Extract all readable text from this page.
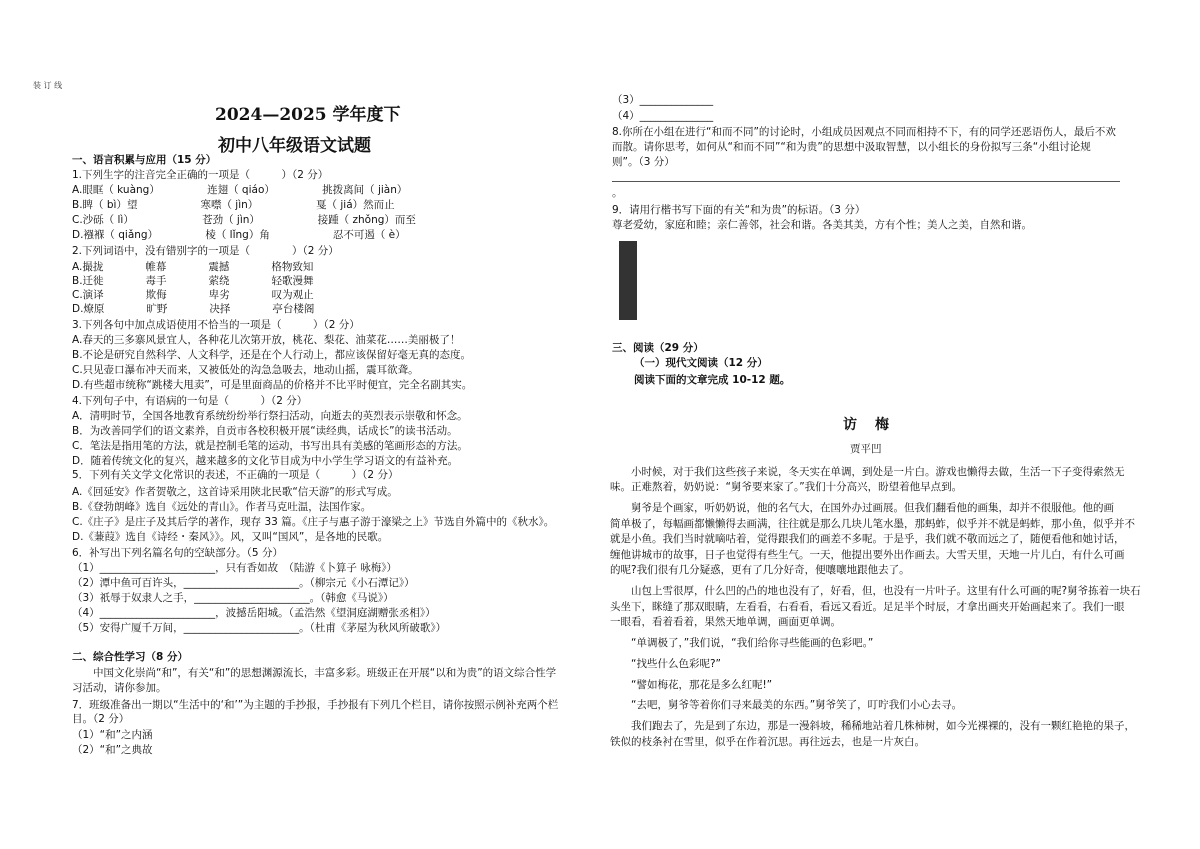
装 订 线
2024—2025 学年度下
初中八年级语文试题
一、语言积累与应用（15 分）
1.下列生字的注音完全正确的一项是（　　　）（2 分）
A.眼眶（ kuàng）　　　　　连翅（ qiáo）　　　　　挑拨离间（ jiàn）
B.睥（ bì）望　　　　　　寒噤（ jìn）　　　　　　戛（ jiá）然而止
C.沙砾（ lì）　　　　　　　苍劲（ jìn）　　　　　　接踵（ zhǒng）而至
D.襁褓（ qiǎng）　　　　　棱（ lǐng）角　　　　　　忍不可遏（ è）
2.下列词语中，没有错别字的一项是（　　　　）（2 分）
A.撮拢　　　　帷幕　　　　震撼　　　　格物致知
B.迁徙　　　　毒手　　　　萦绕　　　　轻歌漫舞
C.演译　　　　欺侮　　　　卑劣　　　　叹为观止
D.燎原　　　　旷野　　　　决择　　　　亭台楼阁
3.下列各句中加点成语使用不恰当的一项是（　　　）（2 分）
A.春天的三多寨风景宜人，各种花儿次第开放，桃花、梨花、油菜花……美丽极了！
B.不论是研究自然科学、人文科学，还是在个人行动上，都应该保留好毫无真的态度。
C.只见壶口瀑布冲天而来，又被低处的沟急急吸去，地动山摇，震耳欲聋。
D.有些超市统称“跳楼大甩卖”，可是里面商品的价格并不比平时便宜，完全名副其实。
4.下列句子中，有语病的一句是（　　　）（2 分）
A．清明时节，全国各地教育系统纷纷举行祭扫活动，向逝去的英烈表示崇敬和怀念。
B．为改善同学们的语文素养，自贡市各校积极开展“读经典，话成长”的读书活动。
C．笔法是指用笔的方法，就是控制毛笔的运动，书写出具有美感的笔画形态的方法。
D．随着传统文化的复兴，越来越多的文化节目成为中小学生学习语文的有益补充。
5．下列有关文学文化常识的表述，不正确的一项是（　　　）（2 分）
A.《回延安》作者贺敬之，这首诗采用陕北民歌“信天游”的形式写成。
B.《登勃朗峰》选自《远处的青山》。作者马克吐温，法国作家。
C.《庄子》是庄子及其后学的著作，现存 33 篇。《庄子与惠子游于濠梁之上》节选自外篇中的《秋水》。
D.《蒹葭》选自《诗经・秦风》》。风，又叫“国风”，是各地的民歌。
6．补写出下列名篇名句的空缺部分。（5 分）
（1）______________________，只有香如故　（陆游《卜算子 咏梅》）
（2）潭中鱼可百许头，______________________。（柳宗元《小石潭记》）
（3）祇辱于奴隶人之手，______________________。（韩愈《马说》）
（4）______________________，波撼岳阳城。（孟浩然《望洞庭湖赠张丞相》）
（5）安得广厦千万间，______________________。（杜甫《茅屋为秋风所破歌》）
二、综合性学习（8 分）
　　中国文化崇尚“和”，有关“和”的思想渊源流长，丰富多彩。班级正在开展“以和为贵”的语文综合性学
习活动，请你参加。
7．班级准备出一期以“生活中的‘和’”为主题的手抄报，手抄报有下列几个栏目，请你按照示例补充两个栏
目。（2 分）
（1）“和”之内涵
（2）“和”之典故
。
9．请用行楷书写下面的有关“和为贵”的标语。（3 分）
尊老爱幼，家庭和睦；亲仁善邻，社会和谐。各美其美，方有个性；美人之美，自然和谐。

三、阅读（29 分）
（一）现代文阅读（12 分）
阅读下面的文章完成 10-12 题。
贾平凹
（3）______________
（4）______________
8.你所在小组在进行“和而不同”的讨论时，小组成员因观点不同而相持不下，有的同学还恶语伤人，最后不欢
而散。请你思考，如何从“和而不同”“和为贵”的思想中汲取智慧，以小组长的身份拟写三条“小组讨论规
则”。（3 分）
　　小时候，对于我们这些孩子来说，冬天实在单调，到处是一片白。游戏也懒得去做，生活一下子变得索然无
味。正难熬着，奶奶说：“舅爷要来家了。”我们十分高兴，盼望着他早点到。
　　舅爷是个画家，听奶奶说，他的名气大，在国外办过画展。但我们翻看他的画集，却并不很服他。他的画
简单极了，每幅画都懒懒得去画满，往往就是那么几块儿笔水墨，那蚂蚱，似乎并不就是蚂蚱，那小鱼，似乎并不
就是小鱼。我们当时就嘀咕着，觉得跟我们的画差不多呢。于是乎，我们就不敬而远之了，随便看他和她讨话，
缠他讲城市的故事，日子也觉得有些生气。一天，他提出要外出作画去。大雪天里，天地一片儿白，有什么可画
的呢?我们很有几分疑惑，更有了几分好奇，便嚷嚷地跟他去了。
　　山包上雪很厚，什么凹的凸的地也没有了，好看，但，也没有一片叶子。这里有什么可画的呢?舅爷拣着一块石
头坐下，眯缝了那双眼睛，左看看，右看看，看远又看近。足足半个时辰，才拿出画夹开始画起来了。我们一眼
一眼看，看着看着，果然天地单调，画面更单调。
　　“单调极了，”我们说，“我们给你寻些能画的色彩吧。”
　　“找些什么色彩呢?”
　　“譬如梅花，那花是多么红呢!”
　　“去吧，舅爷等着你们寻来最美的东西。”舅爷笑了，叮咛我们小心去寻。
　　我们跑去了，先是到了东边，那是一漫斜坡，稀稀地站着几株柿树，如今光裸裸的，没有一颗红艳艳的果子，
铁似的枝条衬在雪里，似乎在作着沉思。再往远去，也是一片灰白。
访梅
